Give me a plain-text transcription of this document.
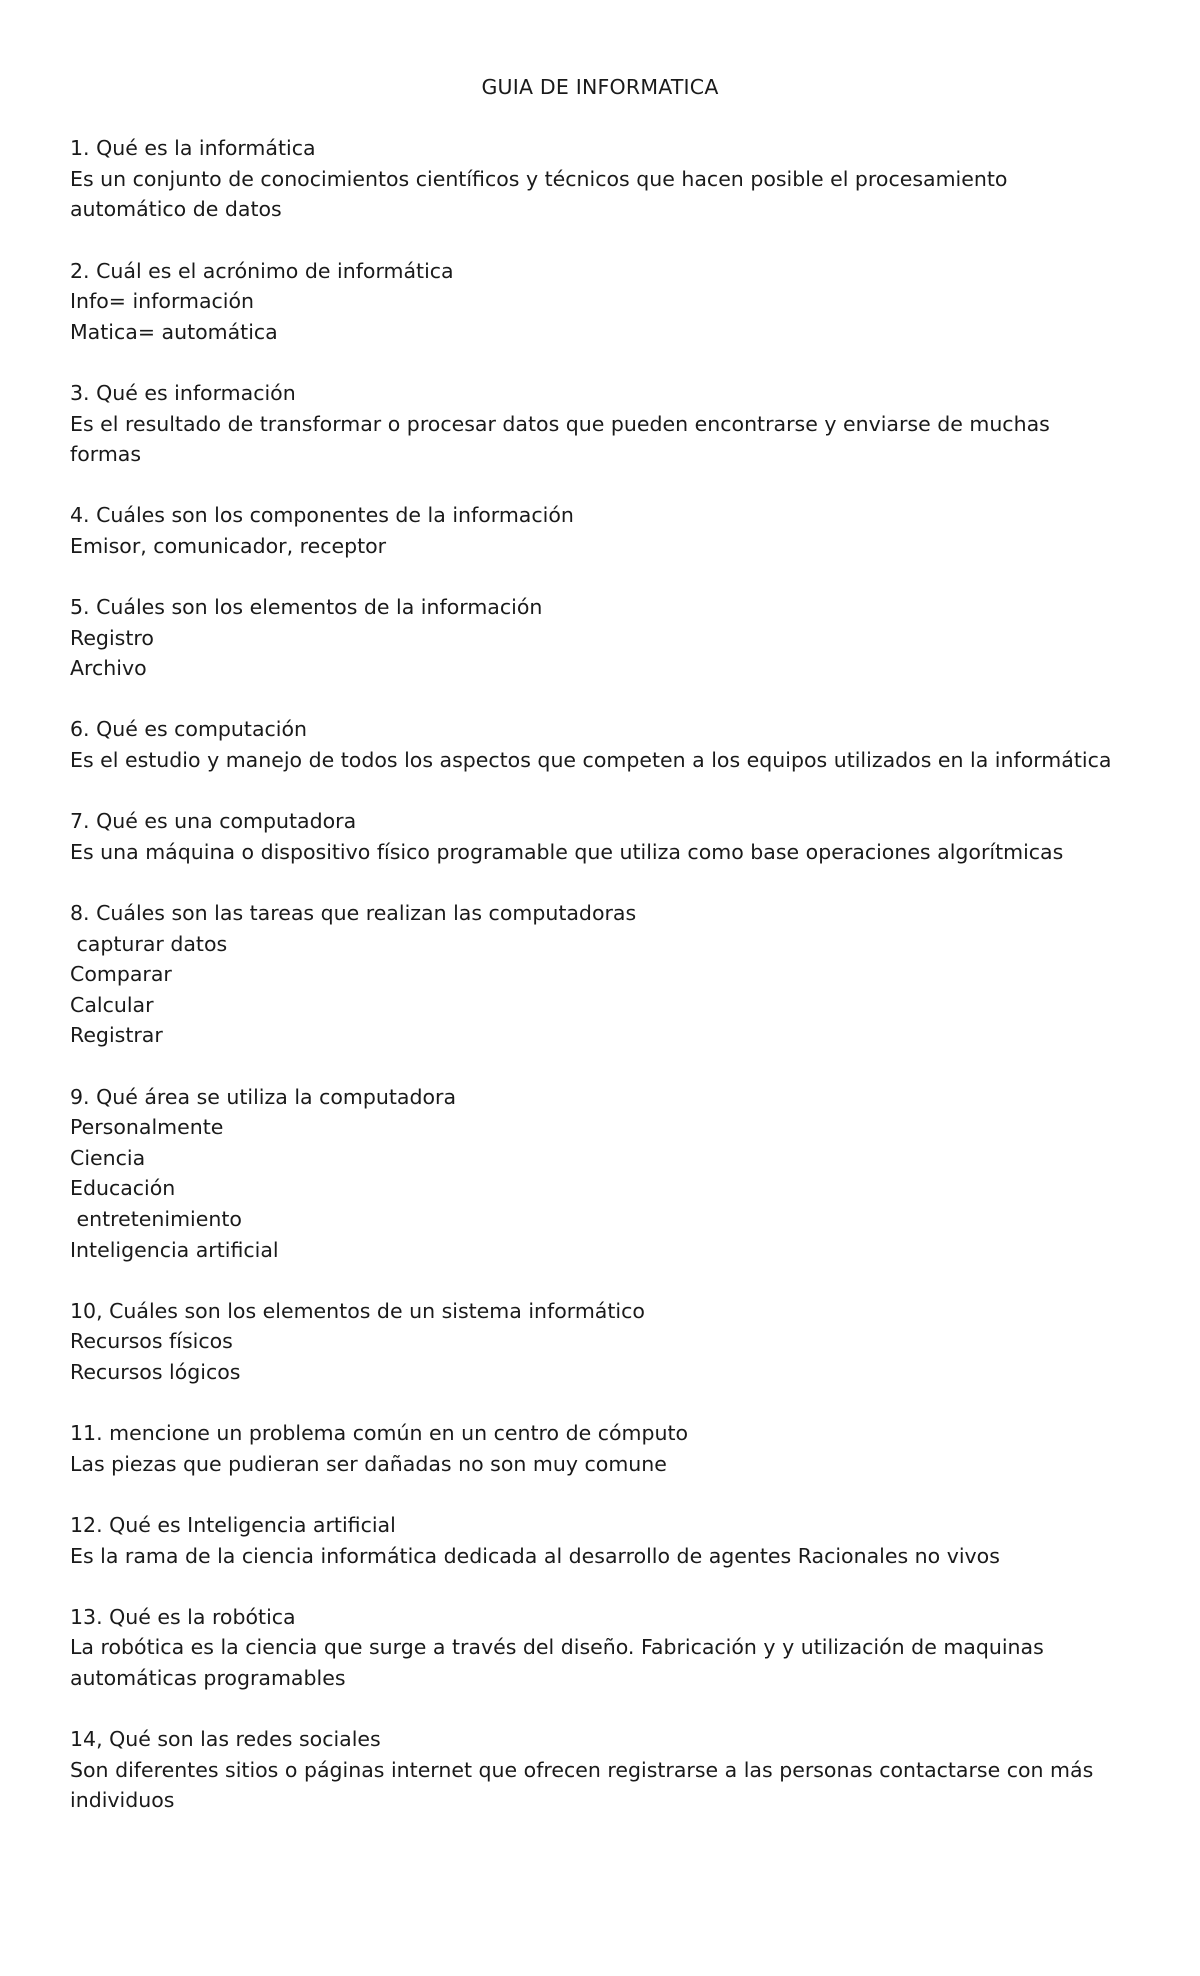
GUIA DE INFORMATICA
1. Qué es la informática
Es un conjunto de conocimientos científicos y técnicos que hacen posible el procesamiento
automático de datos
2. Cuál es el acrónimo de informática
Info= información
Matica= automática
3. Qué es información
Es el resultado de transformar o procesar datos que pueden encontrarse y enviarse de muchas
formas
4. Cuáles son los componentes de la información
Emisor, comunicador, receptor
5. Cuáles son los elementos de la información
Registro
Archivo
6. Qué es computación
Es el estudio y manejo de todos los aspectos que competen a los equipos utilizados en la informática
7. Qué es una computadora
Es una máquina o dispositivo físico programable que utiliza como base operaciones algorítmicas
8. Cuáles son las tareas que realizan las computadoras
capturar datos
Comparar
Calcular
Registrar
9. Qué área se utiliza la computadora
Personalmente
Ciencia
Educación
entretenimiento
Inteligencia artificial
10, Cuáles son los elementos de un sistema informático
Recursos físicos
Recursos lógicos
11. mencione un problema común en un centro de cómputo
Las piezas que pudieran ser dañadas no son muy comune
12. Qué es Inteligencia artificial
Es la rama de la ciencia informática dedicada al desarrollo de agentes Racionales no vivos
13. Qué es la robótica
La robótica es la ciencia que surge a través del diseño. Fabricación y y utilización de maquinas
automáticas programables
14, Qué son las redes sociales
Son diferentes sitios o páginas internet que ofrecen registrarse a las personas contactarse con más
individuos
